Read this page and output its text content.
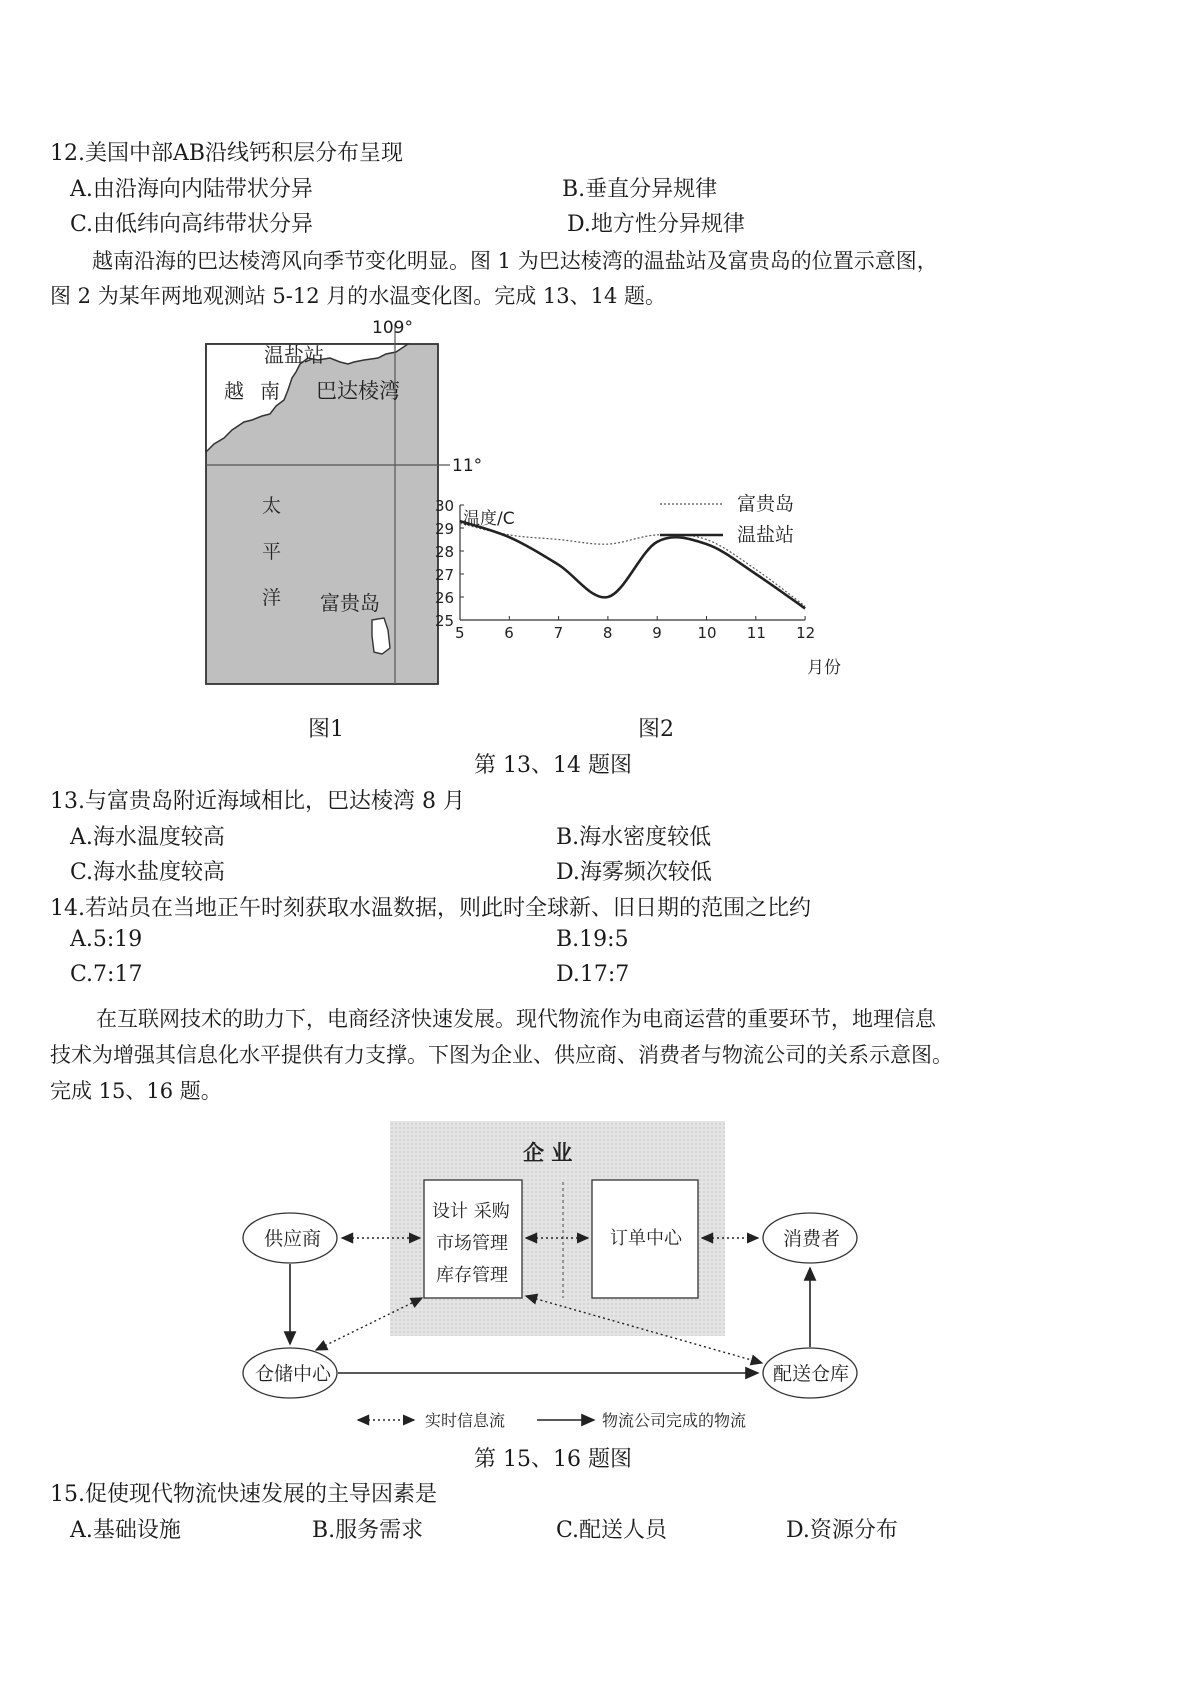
12.美国中部AB沿线钙积层分布呈现
A.由沿海向内陆带状分异	B.垂直分异规律
C.由低纬向高纬带状分异	D.地方性分异规律
越南沿海的巴达棱湾风向季节变化明显。图 1 为巴达棱湾的温盐站及富贵岛的位置示意图，
图 2 为某年两地观测站 5-12 月的水温变化图。完成 13、14 题。
温盐站
越 南 巴达棱湾
太
平
洋 富贵岛
109°
11°
25
26
27
28
29
30
5	6	7	8	9 10 11 12
温度/C
月份
富贵岛
温盐站
图1	图2
第 13、14 题图
13.与富贵岛附近海域相比，巴达棱湾 8 月
A.海水温度较高	B.海水密度较低
C.海水盐度较高	D.海雾频次较低
14.若站员在当地正午时刻获取水温数据，则此时全球新、旧日期的范围之比约
A.5:19	B.19:5
C.7:17	D.17:7
在互联网技术的助力下，电商经济快速发展。现代物流作为电商运营的重要环节，地理信息
技术为增强其信息化水平提供有力支撑。下图为企业、供应商、消费者与物流公司的关系示意图。
完成 15、16 题。
企 业
设计 采购
市场管理
库存管理
订单中心
供应商	消费者
仓储中心	配送仓库
实时信息流	物流公司完成的物流
第 15、16 题图
15.促使现代物流快速发展的主导因素是
A.基础设施	B.服务需求	C.配送人员	D.资源分布
